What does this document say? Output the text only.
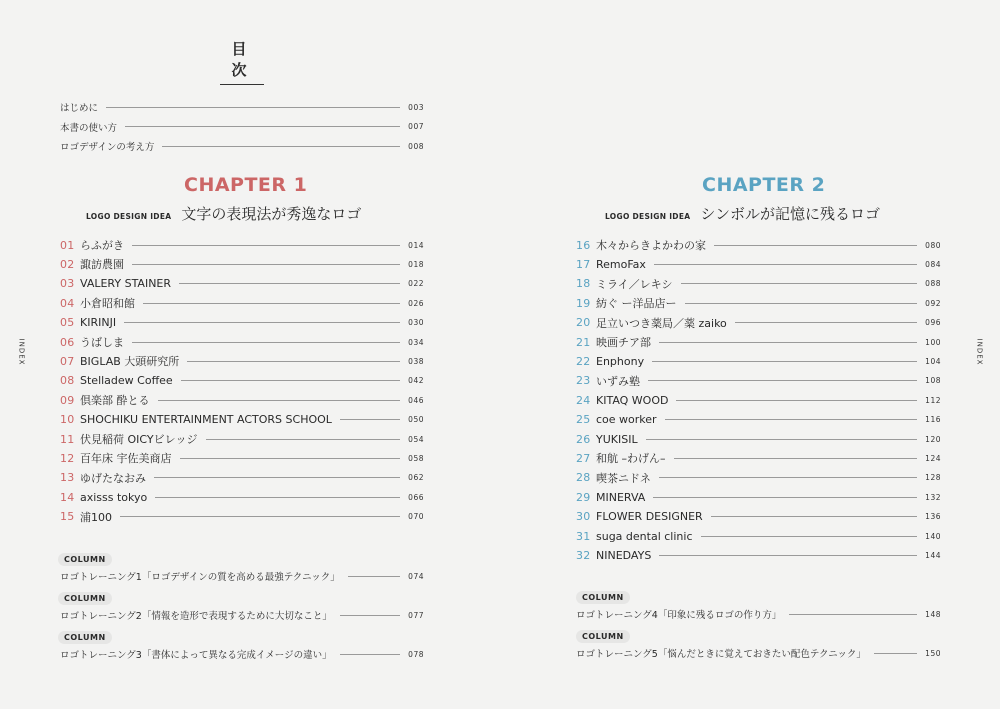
INDEX	INDEX
目 次
はじめに	003
本書の使い方	007
ロゴデザインの考え方	008
CHAPTER 1
LOGO DESIGN IDEA 文字の表現法が秀逸なロゴ
01 らふがき	014
02 諏訪農園	018
03 VALERY STAINER	022
04 小倉昭和館	026
05 KIRINJI	030
06 うばしま	034
07 BIGLAB 大頭研究所	038
08 Stelladew Coffee	042
09 倶楽部 酔とる	046
10 SHOCHIKU ENTERTAINMENT ACTORS SCHOOL	050
11 伏見稲荷 OICYビレッジ	054
12 百年床 宇佐美商店	058
13 ゆげたなおみ	062
14 axisss tokyo	066
15 浦100	070
COLUMN
ロゴトレーニング1「ロゴデザインの質を高める最強テクニック」	074
COLUMN
ロゴトレーニング2「情報を造形で表現するために大切なこと」	077
COLUMN
ロゴトレーニング3「書体によって異なる完成イメージの違い」	078
CHAPTER 2
LOGO DESIGN IDEA シンボルが記憶に残るロゴ
16 木々からきよかわの家	080
17 RemoFax	084
18 ミライ／レキシ	088
19 紡ぐ ー洋品店ー	092
20 足立いつき薬局／薬 zaiko	096
21 映画チア部	100
22 Enphony	104
23 いずみ塾	108
24 KITAQ WOOD	112
25 coe worker	116
26 YUKISIL	120
27 和航 –わげん–	124
28 喫茶ニドネ	128
29 MINERVA	132
30 FLOWER DESIGNER	136
31 suga dental clinic	140
32 NINEDAYS	144
COLUMN
ロゴトレーニング4「印象に残るロゴの作り方」	148
COLUMN
ロゴトレーニング5「悩んだときに覚えておきたい配色テクニック」	150
